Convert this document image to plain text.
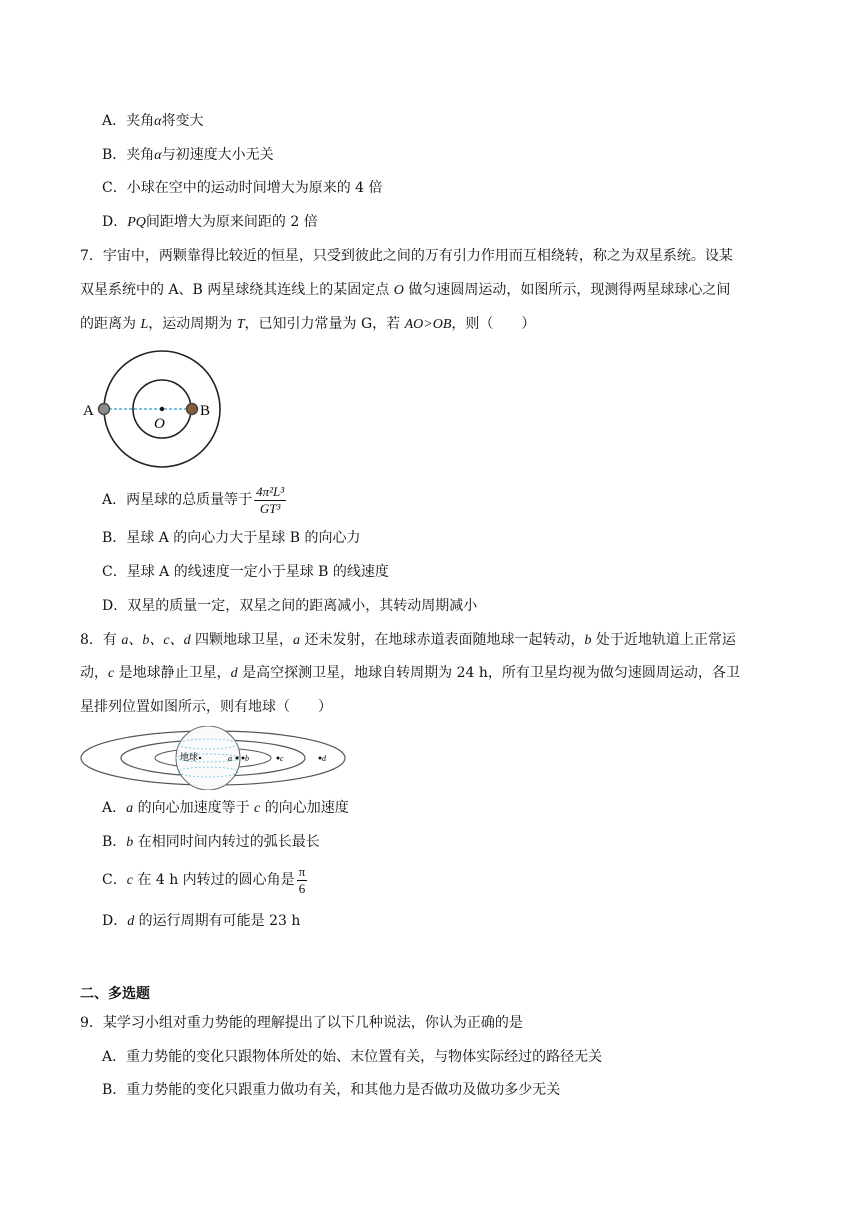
A．夹角α将变大
B．夹角α与初速度大小无关
C．小球在空中的运动时间增大为原来的 4 倍
D．PQ间距增大为原来间距的 2 倍
7．宇宙中，两颗靠得比较近的恒星，只受到彼此之间的万有引力作用而互相绕转，称之为双星系统。设某
双星系统中的 A、B 两星球绕其连线上的某固定点 O 做匀速圆周运动，如图所示，现测得两星球球心之间
的距离为 L，运动周期为 T，已知引力常量为 G，若 AO>OB，则（　　）
A	B
O
A．两星球的总质量等于 $\frac{\text{4π²L³}}{\text{GT³}}$
B．星球 A 的向心力大于星球 B 的向心力
C．星球 A 的线速度一定小于星球 B 的线速度
D．双星的质量一定，双星之间的距离减小，其转动周期减小
8．有 a、b、c、d 四颗地球卫星，a 还未发射，在地球赤道表面随地球一起转动，b 处于近地轨道上正常运
动，c 是地球静止卫星，d 是高空探测卫星，地球自转周期为 24 h，所有卫星均视为做匀速圆周运动，各卫
星排列位置如图所示，则有地球（　　）
地球	a b	c	d
A．a 的向心加速度等于 c 的向心加速度
B．b 在相同时间内转过的弧长最长
C．c 在 4 h 内转过的圆心角是 $\frac{\pi}{6}$
D．d 的运行周期有可能是 23 h
二、多选题
9．某学习小组对重力势能的理解提出了以下几种说法，你认为正确的是
A．重力势能的变化只跟物体所处的始、末位置有关，与物体实际经过的路径无关
B．重力势能的变化只跟重力做功有关，和其他力是否做功及做功多少无关
